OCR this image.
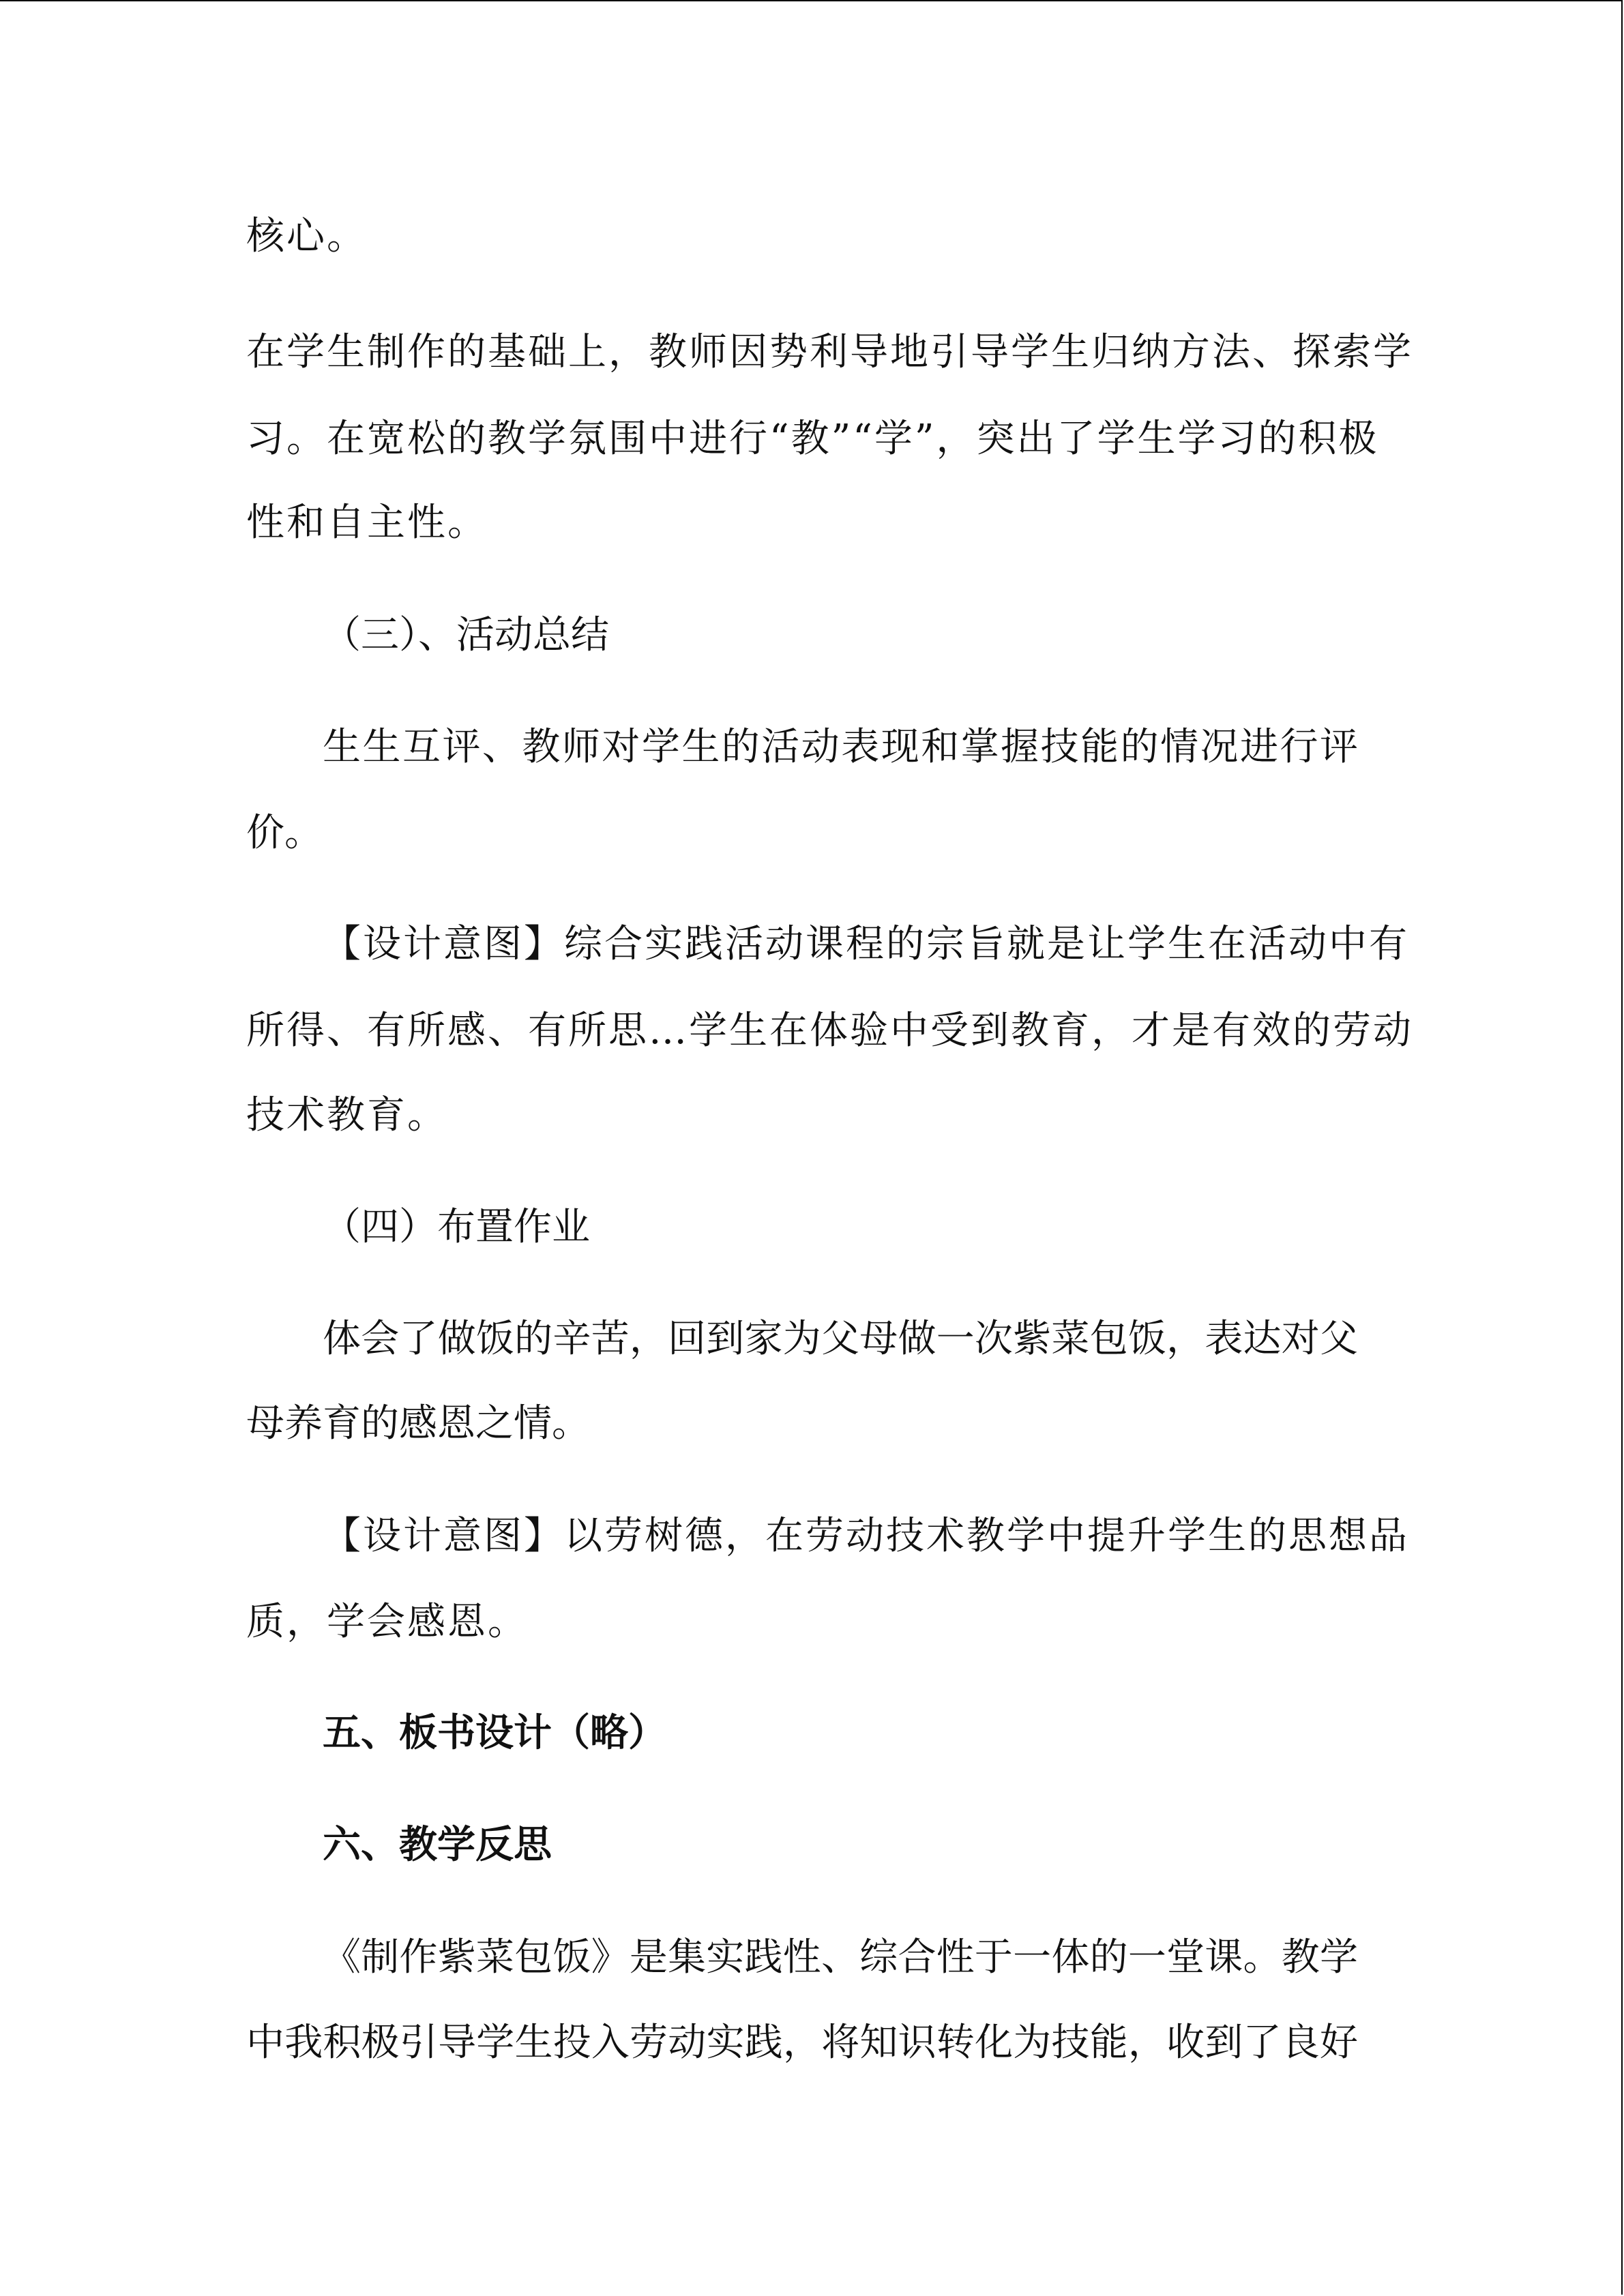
核心。
在学生制作的基础上，教师因势利导地引导学生归纳方法、探索学
习。在宽松的教学氛围中进行“教”“学”，突出了学生学习的积极
性和自主性。
（三）、活动总结
生生互评、教师对学生的活动表现和掌握技能的情况进行评
价。
【设计意图】综合实践活动课程的宗旨就是让学生在活动中有
所得、有所感、有所思…学生在体验中受到教育，才是有效的劳动
技术教育。
（四）布置作业
体会了做饭的辛苦，回到家为父母做一次紫菜包饭，表达对父
母养育的感恩之情。
【设计意图】以劳树德，在劳动技术教学中提升学生的思想品
质，学会感恩。
五、板书设计（略）
六、教学反思
《制作紫菜包饭》是集实践性、综合性于一体的一堂课。教学
中我积极引导学生投入劳动实践，将知识转化为技能，收到了良好
